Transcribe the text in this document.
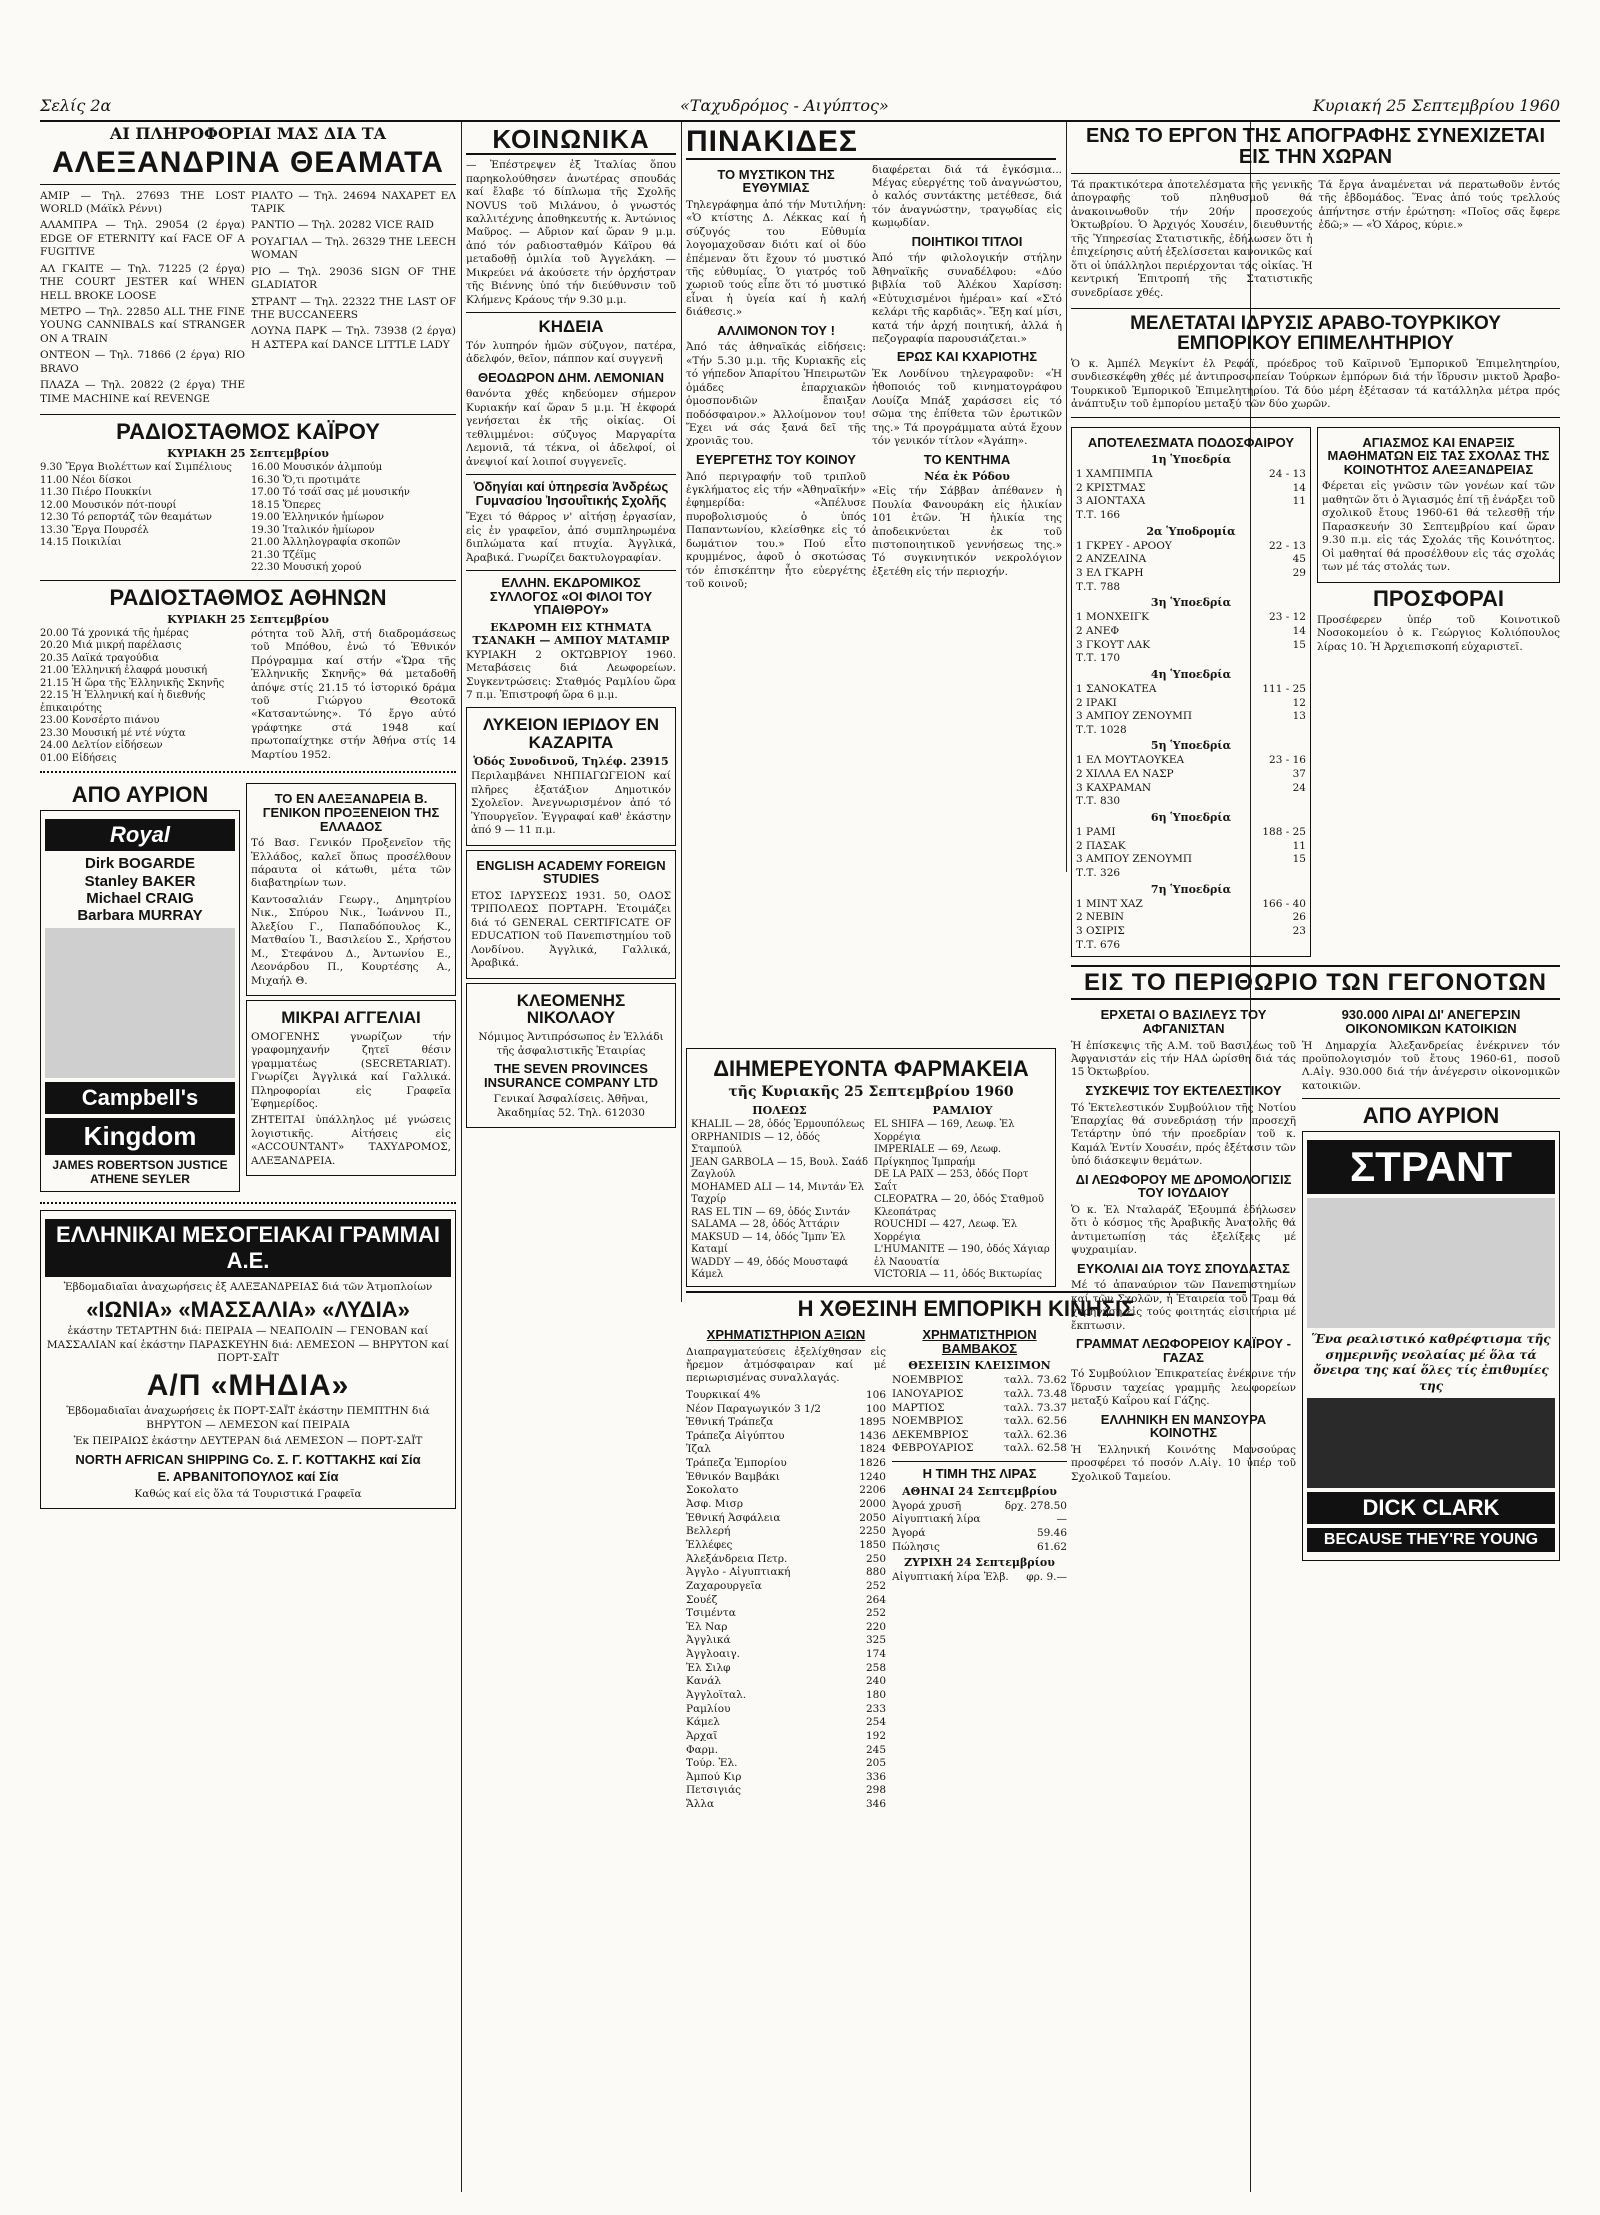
Σελίς 2α	«Ταχυδρόμος - Αιγύπτος»	Κυριακή 25 Σεπτεμβρίου 1960
ΑΙ ΠΛΗΡΟΦΟΡΙΑΙ ΜΑΣ ΔΙΑ ΤΑ
ΑΛΕΞΑΝΔΡΙΝΑ ΘΕΑΜΑΤΑ

ΑΜΙΡ — Τηλ. 27693 THE LOST WORLD (Μάϊκλ Ρέννι)

ΑΛΑΜΠΡΑ — Τηλ. 29054 (2 έργα) EDGE OF ETERNITY καί FACE OF A FUGITIVE

ΑΛ ΓΚΑΙΤΕ — Τηλ. 71225 (2 έργα) THE COURT JESTER καί WHEN HELL BROKE LOOSE

ΜΕΤΡΟ — Τηλ. 22850 ALL THE FINE YOUNG CANNIBALS καί STRANGER ON A TRAIN

ΟΝΤΕΟΝ — Τηλ. 71866 (2 έργα) RIO BRAVO

ΠΛΑΖΑ — Τηλ. 20822 (2 έργα) THE TIME MACHINE καί REVENGE

ΡΙΑΛΤΟ — Τηλ. 24694 ΝΑΧΑΡΕΤ ΕΛ ΤΑΡΙΚ

ΡΑΝΤΙΟ — Τηλ. 20282 VICE RAID

ΡΟΥΑΓΙΑΛ — Τηλ. 26329 THE LEECH WOMAN

ΡΙΟ — Τηλ. 29036 SIGN OF THE GLADIATOR

ΣΤΡΑΝΤ — Τηλ. 22322 THE LAST OF THE BUCCANEERS

ΛΟΥΝΑ ΠΑΡΚ — Τηλ. 73938 (2 έργα) Η ΑΣΤΕΡΑ καί DANCE LITTLE LADY

ΡΑΔΙΟΣΤΑΘΜΟΣ ΚΑΪΡΟΥ
ΚΥΡΙΑΚΗ 25 Σεπτεμβρίου
9.30 Ἔργα Βιολέττων καί Σιμπέλιους
11.00 Νέοι δίσκοι
11.30 Πιέρο Πουκκίνι
12.00 Μουσικόν πότ-πουρί
12.30 Τό ρεπορτάζ τῶν θεαμάτων
13.30 Ἔργα Πουρσέλ
14.15 Ποικιλίαι
16.00 Μουσικόν ἀλμπούμ
16.30 Ὅ,τι προτιμάτε
17.00 Τό τσάϊ σας μέ μουσικήν
18.15 Ὅπερες
19.00 Ἑλληνικόν ἡμίωρον
19.30 Ἰταλικόν ἡμίωρον
21.00 Ἀλληλογραφία σκοπῶν
21.30 Τζέϊμς
22.30 Μουσική χορού
ΡΑΔΙΟΣΤΑΘΜΟΣ ΑΘΗΝΩΝ
ΚΥΡΙΑΚΗ 25 Σεπτεμβρίου
20.00 Τά χρονικά τῆς ἡμέρας
20.20 Μιά μικρή παρέλασις
20.35 Λαϊκά τραγούδια
21.00 Ἑλληνική ἐλαφρά μουσική
21.15 Ἡ ὥρα τῆς Ἑλληνικῆς Σκηνῆς
22.15 Ἡ Ἑλληνική καί ἡ διεθνής ἐπικαιρότης
23.00 Κονσέρτο πιάνου
23.30 Μουσική μέ ντέ νύχτα
24.00 Δελτίον εἰδήσεων
01.00 Εἰδήσεις

ρότητα τοῦ Ἀλῆ, στή διαδρομάσεως τοῦ Μπόθου, ἐνώ τό Ἐθνικόν Πρόγραμμα καί στήν «Ὥρα τῆς Ἑλληνικῆς Σκηνῆς» θά μεταδοθῆ ἀπόψε στίς 21.15 τό ἱστορικό δράμα τοῦ Γιώργου Θεοτοκᾶ «Κατσαντώνης». Τό ἔργο αὐτό γράφτηκε στά 1948 καί πρωτοπαίχτηκε στήν Ἀθήνα στίς 14 Μαρτίου 1952.

ΑΠΟ ΑΥΡΙΟΝ
Royal
Dirk BOGARDE
Stanley BAKER
Michael CRAIG
Barbara MURRAY
Campbell's
Kingdom
JAMES ROBERTSON JUSTICE
ATHENE SEYLER
ΤΟ ΕΝ ΑΛΕΞΑΝΔΡΕΙΑ Β. ΓΕΝΙΚΟΝ ΠΡΟΞΕΝΕΙΟΝ ΤΗΣ ΕΛΛΑΔΟΣ

Τό Βασ. Γενικόν Προξενεῖον τῆς Ἑλλάδος, καλεῖ ὅπως προσέλθουν πάραυτα οἱ κάτωθι, μέτα τῶν διαβατηρίων των.

Καντοσαλιάν Γεωργ., Δημητρίου Νικ., Σπύρου Νικ., Ἰωάννου Π., Ἀλεξίου Γ., Παπαδόπουλος Κ., Ματθαίου Ἰ., Βασιλείου Σ., Χρήστου Μ., Στεφάνου Δ., Ἀντωνίου Ε., Λεονάρδου Π., Κουρτέσης Α., Μιχαήλ Θ.

ΜΙΚΡΑΙ ΑΓΓΕΛΙΑΙ

ΟΜΟΓΕΝΗΣ γνωρίζων τήν γραφομηχανήν ζητεῖ θέσιν γραμματέως (SECRETARIAT). Γνωρίζει Ἀγγλικά καί Γαλλικά. Πληροφορίαι εἰς Γραφεῖα Ἐφημερίδος.

ΖΗΤΕΙΤΑΙ ὑπάλληλος μέ γνώσεις λογιστικῆς. Αἰτήσεις εἰς «ACCOUNTANT» ΤΑΧΥΔΡΟΜΟΣ, ΑΛΕΞΑΝΔΡΕΙΑ.

ΕΛΛΗΝΙΚΑΙ ΜΕΣΟΓΕΙΑΚΑΙ ΓΡΑΜΜΑΙ Α.Ε.

Ἑβδομαδιαῖαι ἀναχωρήσεις ἐξ ΑΛΕΞΑΝΔΡΕΙΑΣ διά τῶν Ἀτμοπλοίων

«ΙΩΝΙΑ» «ΜΑΣΣΑΛΙΑ» «ΛΥΔΙΑ»

ἑκάστην ΤΕΤΑΡΤΗΝ διά: ΠΕΙΡΑΙΑ — ΝΕΑΠΟΛΙΝ — ΓΕΝΟΒΑΝ καί ΜΑΣΣΑΛΙΑΝ καί ἑκάστην ΠΑΡΑΣΚΕΥΗΝ διά: ΛΕΜΕΣΟΝ — ΒΗΡΥΤΟΝ καί ΠΟΡΤ-ΣΑΪΤ

Α/Π «ΜΗΔΙΑ»

Ἑβδομαδιαῖαι ἀναχωρήσεις ἐκ ΠΟΡΤ-ΣΑΪΤ ἑκάστην ΠΕΜΠΤΗΝ διά ΒΗΡΥΤΟΝ — ΛΕΜΕΣΟΝ καί ΠΕΙΡΑΙΑ

Ἐκ ΠΕΙΡΑΙΩΣ ἑκάστην ΔΕΥΤΕΡΑΝ διά ΛΕΜΕΣΟΝ — ΠΟΡΤ-ΣΑΪΤ

NORTH AFRICAN SHIPPING Co. Σ. Γ. ΚΟΤΤΑΚΗΣ καί Σία
Ε. ΑΡΒΑΝΙΤΟΠΟΥΛΟΣ καί Σία

Καθώς καί εἰς ὅλα τά Τουριστικά Γραφεῖα

ΚΟΙΝΩΝΙΚΑ

— Ἐπέστρεψεν ἐξ Ἰταλίας ὅπου παρηκολούθησεν ἀνωτέρας σπουδάς καί ἔλαβε τό δίπλωμα τῆς Σχολῆς NOVUS τοῦ Μιλάνου, ὁ γνωστός καλλιτέχνης ἀποθηκευτής κ. Ἀντώνιος Μαῦρος. — Αὔριον καί ὥραν 9 μ.μ. ἀπό τόν ραδιοσταθμόν Κάϊρου θά μεταδοθῇ ὁμιλία τοῦ Ἀγγελάκη. — Μικρεύει νά ἀκούσετε τήν ὀρχήστραν τῆς Βιέννης ὑπό τήν διεύθυνσιν τοῦ Κλήμενς Κράους τήν 9.30 μ.μ.

ΚΗΔΕΙΑ

Τόν λυπηρόν ἡμῶν σύζυγον, πατέρα, ἀδελφόν, θεῖον, πάππον καί συγγενῆ

ΘΕΟΔΩΡΟΝ ΔΗΜ. ΛΕΜΟΝΙΑΝ

θανόντα χθές κηδεύομεν σήμερον Κυριακήν καί ὥραν 5 μ.μ. Ἡ ἐκφορά γενήσεται ἐκ τῆς οἰκίας. Οἱ τεθλιμμένοι: σύζυγος Μαργαρίτα Λεμονιᾶ, τά τέκνα, οἱ ἀδελφοί, οἱ ἀνεψιοί καί λοιποί συγγενεῖς.

Ὁδηγίαι καί ὑπηρεσία Ἀνδρέως Γυμνασίου Ἰησουΐτικής Σχολῆς

Ἔχει τό θάρρος ν' αἰτήσῃ ἐργασίαν, εἰς ἐν γραφεῖον, ἀπό συμπληρωμένα διπλώματα καί πτυχία. Ἀγγλικά, Ἀραβικά. Γνωρίζει δακτυλογραφίαν.

ΕΛΛΗΝ. ΕΚΔΡΟΜΙΚΟΣ ΣΥΛΛΟΓΟΣ «ΟΙ ΦΙΛΟΙ ΤΟΥ ΥΠΑΙΘΡΟΥ»
ΕΚΔΡΟΜΗ ΕΙΣ ΚΤΗΜΑΤΑ ΤΣΑΝΑΚΗ — ΑΜΠΟΥ ΜΑΤΑΜΙΡ

ΚΥΡΙΑΚΗ 2 ΟΚΤΩΒΡΙΟΥ 1960. Μεταβάσεις διά Λεωφορείων. Συγκεντρώσεις: Σταθμός Ραμλίου ὥρα 7 π.μ. Ἐπιστροφή ὥρα 6 μ.μ.

ΛΥΚΕΙΟΝ ΙΕΡΙΔΟΥ ΕΝ ΚΑΖΑΡΙΤΑ
Ὁδός Συνοδινοῦ, Τηλέφ. 23915

Περιλαμβάνει ΝΗΠΙΑΓΩΓΕΙΟΝ καί πλῆρες ἑξατάξιον Δημοτικόν Σχολεῖον. Ἀνεγνωρισμένον ἀπό τό Ὑπουργεῖον. Ἐγγραφαί καθ' ἑκάστην ἀπό 9 — 11 π.μ.

ENGLISH ACADEMY FOREIGN STUDIES

ΕΤΟΣ ΙΔΡΥΣΕΩΣ 1931. 50, ΟΔΟΣ ΤΡΙΠΟΛΕΩΣ ΠΟΡΤΑΡΗ. Ἑτοιμάζει διά τό GENERAL CERTIFICATE OF EDUCATION τοῦ Πανεπιστημίου τοῦ Λονδίνου. Ἀγγλικά, Γαλλικά, Ἀραβικά.

ΚΛΕΟΜΕΝΗΣ ΝΙΚΟΛΑΟΥ

Νόμιμος Ἀντιπρόσωπος ἐν Ἑλλάδι τῆς ἀσφαλιστικῆς Ἑταιρίας

THE SEVEN PROVINCES INSURANCE COMPANY LTD

Γενικαί Ἀσφαλίσεις. Ἀθῆναι, Ἀκαδημίας 52. Τηλ. 612030

ΠΙΝΑΚΙΔΕΣ
ΤΟ ΜΥΣΤΙΚΟΝ ΤΗΣ ΕΥΘΥΜΙΑΣ

Τηλεγράφημα ἀπό τήν Μυτιλήνη: «Ὁ κτίστης Δ. Λέκκας καί ἡ σύζυγός του Εὐθυμία λογομαχοῦσαν διότι καί οἱ δύο ἐπέμεναν ὅτι ἔχουν τό μυστικό τῆς εὐθυμίας. Ὁ γιατρός τοῦ χωριοῦ τούς εἶπε ὅτι τό μυστικό εἶναι ἡ ὑγεία καί ἡ καλή διάθεσις.»

ΑΛΛΙΜΟΝΟΝ ΤΟΥ !

Ἀπό τάς ἀθηναϊκάς εἰδήσεις: «Τήν 5.30 μ.μ. τῆς Κυριακῆς εἰς τό γήπεδον Ἀπαρίτου Ἠπειρωτῶν ὁμάδες ἐπαρχιακῶν ὁμοσπονδιῶν ἔπαιξαν ποδόσφαιρον.» Ἀλλοίμονον του! Ἔχει νά σάς ξανά δεῖ τῆς χρονιᾶς του.

ΕΥΕΡΓΕΤΗΣ ΤΟΥ ΚΟΙΝΟΥ

Ἀπό περιγραφήν τοῦ τριπλοῦ ἐγκλήματος εἰς τήν «Ἀθηναϊκήν» ἐφημερίδα: «Ἀπέλυσε πυροβολισμούς ὁ ὑπός Παπαντωνίου, κλείσθηκε εἰς τό δωμάτιον του.» Πού εἶτο κρυμμένος, ἀφοῦ ὁ σκοτώσας τόν ἐπισκέπτην ἦτο εὐεργέτης τοῦ κοινοῦ;

διαφέρεται διά τά ἐγκόσμια... Μέγας εὐεργέτης τοῦ ἀναγνώστου, ὁ καλός συντάκτης μετέθεσε, διά τόν ἀναγνώστην, τραγῳδίας εἰς κωμῳδίαν.

ΠΟΙΗΤΙΚΟΙ ΤΙΤΛΟΙ

Ἀπό τήν φιλολογικήν στήλην Ἀθηναϊκῆς συναδέλφου: «Δύο βιβλία τοῦ Ἀλέκου Χαρίσση: «Εὐτυχισμένοι ἡμέραι» καί «Στό κελάρι τῆς καρδιᾶς». Ἔξη καί μίσι, κατά τήν ἀρχή ποιητική, ἀλλά ἡ πεζογραφία παρουσιάζεται.»

ΕΡΩΣ ΚΑΙ ΚΧΑΡΙΟΤΗΣ

Ἐκ Λονδίνου τηλεγραφοῦν: «Ἡ ἡθοποιός τοῦ κινηματογράφου Λουίζα Μπάξ χαράσσει εἰς τό σῶμα της ἐπίθετα τῶν ἐρωτικῶν της.» Τά προγράμματα αὐτά ἔχουν τόν γενικόν τίτλον «Ἀγάπη».

ΤΟ ΚΕΝΤΗΜΑ
Νέα ἐκ Ρόδου

«Εἰς τήν Σάββαν ἀπέθανεν ἡ Πουλία Φανουράκη εἰς ἡλικίαν 101 ἐτῶν. Ἡ ἡλικία της ἀποδεικνύεται ἐκ τοῦ πιστοποιητικοῦ γεννήσεως της.» Τό συγκινητικόν νεκρολόγιον ἐξετέθη εἰς τήν περιοχήν.

ΔΙΗΜΕΡΕΥΟΝΤΑ ΦΑΡΜΑΚΕΙΑ
τῆς Κυριακῆς 25 Σεπτεμβρίου 1960
ΠΟΛΕΩΣ
KHALIL — 28, ὁδός Ἐρμουπόλεως
ORPHANIDIS — 12, ὁδός Σταμπούλ
JEAN GARBOLA — 15, Βουλ. Σαάδ Ζαγλούλ
MOHAMED ALI — 14, Μιντάν Ἐλ Ταχρίρ
RAS EL TIN — 69, ὁδός Σιντάν
SALAMA — 28, ὁδός Ἀττάριν
MAKSUD — 14, ὁδός Ἴμπν Ἐλ Καταμί
WADDY — 49, ὁδός Μουσταφά Κάμελ
ΡΑΜΛΙΟΥ
EL SHIFA — 169, Λεωφ. Ἐλ Χορρέγια
IMPERIALE — 69, Λεωφ. Πρίγκηπος Ἰμπραήμ
DE LA PAIX — 253, ὁδός Πορτ Σαΐτ
CLEOPATRA — 20, ὁδός Σταθμοῦ Κλεοπάτρας
ROUCHDI — 427, Λεωφ. Ἐλ Χορρέγια
L'HUMANITE — 190, ὁδός Χάγιαρ ἐλ Ναουατία
VICTORIA — 11, ὁδός Βικτωρίας
Η ΧΘΕΣΙΝΗ ΕΜΠΟΡΙΚΗ ΚΙΝΗΣΙΣ
ΧΡΗΜΑΤΙΣΤΗΡΙΟΝ ΑΞΙΩΝ

Διαπραγματεύσεις ἐξελίχθησαν εἰς ἤρεμον ἀτμόσφαιραν καί μέ περιωρισμένας συναλλαγάς.

Τουρκικαί 4%	106
Νέον Παραγωγικόν 3 1/2	100
Ἐθνική Τράπεζα	1895
Τράπεζα Αἰγύπτου	1436
Ἰζαλ	1824
Τράπεζα Ἐμπορίου	1826
Ἐθνικόν Βαμβάκι	1240
Σοκολατο	2206
Ἀσφ. Μισρ	2000
Ἐθνική Ἀσφάλεια	2050
Βελλερή	2250
Ἐλλέφες	1850
Ἀλεξάνδρεια Πετρ.	250
Ἀγγλο - Αἰγυπτιακή	880
Ζαχαρουργεῖα	252
Σουέζ	264
Τσιμέντα	252
Ἐλ Ναρ	220
Ἀγγλικά	325
Ἀγγλοαιγ.	174
Ἐλ Σιλφ	258
Κανάλ	240
Ἀγγλοϊταλ.	180
Ραμλίου	233
Κάμελ	254
Ἀρχαῖ	192
Φαρμ.	245
Τούρ. Ἐλ.	205
Ἀμπού Κιρ	336
Πετσιγιάς	298
Ἄλλα	346
ΧΡΗΜΑΤΙΣΤΗΡΙΟΝ ΒΑΜΒΑΚΟΣ
ΘΕΣΕΙΣΙΝ ΚΛΕΙΣΙΜΟΝ
ΝΟΕΜΒΡΙΟΣ	ταλλ. 73.62
ΙΑΝΟΥΑΡΙΟΣ	ταλλ. 73.48
ΜΑΡΤΙΟΣ	ταλλ. 73.37
ΝΟΕΜΒΡΙΟΣ	ταλλ. 62.56
ΔΕΚΕΜΒΡΙΟΣ	ταλλ. 62.36
ΦΕΒΡΟΥΑΡΙΟΣ	ταλλ. 62.58
Η ΤΙΜΗ ΤΗΣ ΛΙΡΑΣ
ΑΘΗΝΑΙ 24 Σεπτεμβρίου
Ἀγορά χρυσῆ	δρχ. 278.50
Αἰγυπτιακή λίρα	—
Ἀγορά	59.46
Πώλησις	61.62
ΖΥΡΙΧΗ 24 Σεπτεμβρίου
Αἰγυπτιακή λίρα Ἑλβ. φρ. 9.—
ΕΝΩ ΤΟ ΕΡΓΟΝ ΤΗΣ ΑΠΟΓΡΑΦΗΣ ΣΥΝΕΧΙΖΕΤΑΙ ΕΙΣ ΤΗΝ ΧΩΡΑΝ

Τά πρακτικότερα ἀποτελέσματα τῆς γενικῆς ἀπογραφῆς τοῦ πληθυσμοῦ θά ἀνακοινωθοῦν τήν 20ήν προσεχούς Ὀκτωβρίου. Ὁ Ἀρχιγός Χουσέιν, διευθυντής τῆς Ὑπηρεσίας Στατιστικῆς, ἐδήλωσεν ὅτι ἡ ἐπιχείρησις αὐτή ἐξελίσσεται κανονικῶς καί ὅτι οἱ ὑπάλληλοι περιέρχονται τάς οἰκίας. Ἡ κεντρική Ἐπιτροπή τῆς Στατιστικῆς συνεδρίασε χθές.

Τά ἔργα ἀναμένεται νά περατωθοῦν ἐντός τῆς ἑβδομάδος. Ἕνας ἀπό τούς τρελλούς ἀπήντησε στήν ἐρώτηση: «Ποῖος σᾶς ἔφερε ἐδῶ;» — «Ὁ Χάρος, κύριε.»

ΜΕΛΕΤΑΤΑΙ ΙΔΡΥΣΙΣ ΑΡΑΒΟ-ΤΟΥΡΚΙΚΟΥ ΕΜΠΟΡΙΚΟΥ ΕΠΙΜΕΛΗΤΗΡΙΟΥ

Ὁ κ. Ἀμπέλ Μεγκίντ ἐλ Ρεφάϊ, πρόεδρος τοῦ Καϊρινοῦ Ἐμπορικοῦ Ἐπιμελητηρίου, συνδιεσκέφθη χθές μέ ἀντιπροσωπείαν Τούρκων ἐμπόρων διά τήν ἵδρυσιν μικτοῦ Ἀραβο-Τουρκικοῦ Ἐμπορικοῦ Ἐπιμελητηρίου. Τά δύο μέρη ἐξέτασαν τά κατάλληλα μέτρα πρός ἀνάπτυξιν τοῦ ἐμπορίου μεταξύ τῶν δύο χωρῶν.

ΑΠΟΤΕΛΕΣΜΑΤΑ ΠΟΔΟΣΦΑΙΡΟΥ
1η Ὑποεδρία
1 ΧΑΜΠΙΜΠΑ	24 - 13
2 ΚΡΙΣΤΜΑΣ	14
3 ΑΙΟΝΤΑΧΑ	11
Τ.Τ. 166
2α Ὑποδρομία
1 ΓΚΡΕΥ - ΑΡΟΟΥ	22 - 13
2 ΑΝΖΕΛΙΝΑ	45
3 ΕΛ ΓΚΑΡΗ	29
Τ.Τ. 788
3η Ὑποεδρία
1 ΜΟΝΧΕΙΓΚ	23 - 12
2 ΑΝΕΦ	14
3 ΓΚΟΥΤ ΛΑΚ	15
Τ.Τ. 170
4η Ὑποεδρία
1 ΣΑΝΟΚΑΤΕΑ	111 - 25
2 ΙΡΑΚΙ	12
3 ΑΜΠΟΥ ΖΕΝΟΥΜΠ	13
Τ.Τ. 1028
5η Ὑποεδρία
1 ΕΛ ΜΟΥΤΑΟΥΚΕΑ	23 - 16
2 ΧΙΛΛΑ ΕΛ ΝΑΣΡ	37
3 ΚΑΧΡΑΜΑΝ	24
Τ.Τ. 830
6η Ὑποεδρία
1 ΡΑΜΙ	188 - 25
2 ΠΑΣΑΚ	11
3 ΑΜΠΟΥ ΖΕΝΟΥΜΠ	15
Τ.Τ. 326
7η Ὑποεδρία
1 ΜΙΝΤ ΧΑΖ	166 - 40
2 ΝΕΒΙΝ	26
3 ΟΣΙΡΙΣ	23
Τ.Τ. 676
ΑΓΙΑΣΜΟΣ ΚΑΙ ΕΝΑΡΞΙΣ ΜΑΘΗΜΑΤΩΝ ΕΙΣ ΤΑΣ ΣΧΟΛΑΣ ΤΗΣ ΚΟΙΝΟΤΗΤΟΣ ΑΛΕΞΑΝΔΡΕΙΑΣ

Φέρεται εἰς γνῶσιν τῶν γονέων καί τῶν μαθητῶν ὅτι ὁ Ἁγιασμός ἐπί τῇ ἐνάρξει τοῦ σχολικοῦ ἔτους 1960-61 θά τελεσθῇ τήν Παρασκευήν 30 Σεπτεμβρίου καί ὥραν 9.30 π.μ. εἰς τάς Σχολάς τῆς Κοινότητος. Οἱ μαθηταί θά προσέλθουν εἰς τάς σχολάς των μέ τάς στολάς των.

ΠΡΟΣΦΟΡΑΙ

Προσέφερεν ὑπέρ τοῦ Κοινοτικοῦ Νοσοκομείου ὁ κ. Γεώργιος Κολιόπουλος λίρας 10. Ἡ Ἀρχιεπισκοπή εὐχαριστεῖ.

ΕΙΣ ΤΟ ΠΕΡΙΘΩΡΙΟ ΤΩΝ ΓΕΓΟΝΟΤΩΝ
ΕΡΧΕΤΑΙ Ο ΒΑΣΙΛΕΥΣ ΤΟΥ ΑΦΓΑΝΙΣΤΑΝ

Ἡ ἐπίσκεψις τῆς Α.Μ. τοῦ Βασιλέως τοῦ Ἀφγανιστάν εἰς τήν ΗΑΔ ὡρίσθη διά τάς 15 Ὀκτωβρίου.

ΣΥΣΚΕΨΙΣ ΤΟΥ ΕΚΤΕΛΕΣΤΙΚΟΥ

Τό Ἐκτελεστικόν Συμβούλιον τῆς Νοτίου Ἐπαρχίας θά συνεδριάσῃ τήν προσεχῆ Τετάρτην ὑπό τήν προεδρίαν τοῦ κ. Καμάλ Ἐντίν Χουσέιν, πρός ἐξέτασιν τῶν ὑπό διάσκεψιν θεμάτων.

ΔΙ ΛΕΩΦΟΡΟΥ ΜΕ ΔΡΟΜΟΛΟΓΙΣΙΣ ΤΟΥ ΙΟΥΔΑΙΟΥ

Ὁ κ. Ἐλ Νταλαράζ Ἐξουμπά ἐδήλωσεν ὅτι ὁ κόσμος τῆς Ἀραβικῆς Ἀνατολῆς θά ἀντιμετωπίσῃ τάς ἐξελίξεις μέ ψυχραιμίαν.

ΕΥΚΟΛΙΑΙ ΔΙΑ ΤΟΥΣ ΣΠΟΥΔΑΣΤΑΣ

Μέ τό ἀπαναύριον τῶν Πανεπιστημίων καί τῶν Σχολῶν, ἡ Ἑταιρεία τοῦ Τραμ θά χορηγήσῃ εἰς τούς φοιτητάς εἰσιτήρια μέ ἔκπτωσιν.

ΓΡΑΜΜΑΤ ΛΕΩΦΟΡΕΙΟΥ ΚΑΪΡΟΥ - ΓΑΖΑΣ

Τό Συμβούλιον Ἐπικρατείας ἐνέκρινε τήν ἵδρυσιν ταχείας γραμμῆς λεωφορείων μεταξύ Καΐρου καί Γάζης.

ΕΛΛΗΝΙΚΗ ΕΝ ΜΑΝΣΟΥΡΑ ΚΟΙΝΟΤΗΣ

Ἡ Ἑλληνική Κοινότης Μανσούρας προσφέρει τό ποσόν Λ.Αἰγ. 10 ὑπέρ τοῦ Σχολικοῦ Ταμείου.

930.000 ΛΙΡΑΙ ΔΙ' ΑΝΕΓΕΡΣΙΝ ΟΙΚΟΝΟΜΙΚΩΝ ΚΑΤΟΙΚΙΩΝ

Ἡ Δημαρχία Ἀλεξανδρείας ἐνέκρινεν τόν προϋπολογισμόν τοῦ ἔτους 1960-61, ποσοῦ Λ.Αἰγ. 930.000 διά τήν ἀνέγερσιν οἰκονομικῶν κατοικιῶν.

ΑΠΟ ΑΥΡΙΟΝ
ΣΤΡΑΝΤ

Ἕνα ρεαλιστικό καθρέφτισμα τῆς σημερινῆς νεολαίας μέ ὅλα τά ὄνειρα της καί ὅλες τίς ἐπιθυμίες της

DICK CLARK
BECAUSE THEY'RE YOUNG
